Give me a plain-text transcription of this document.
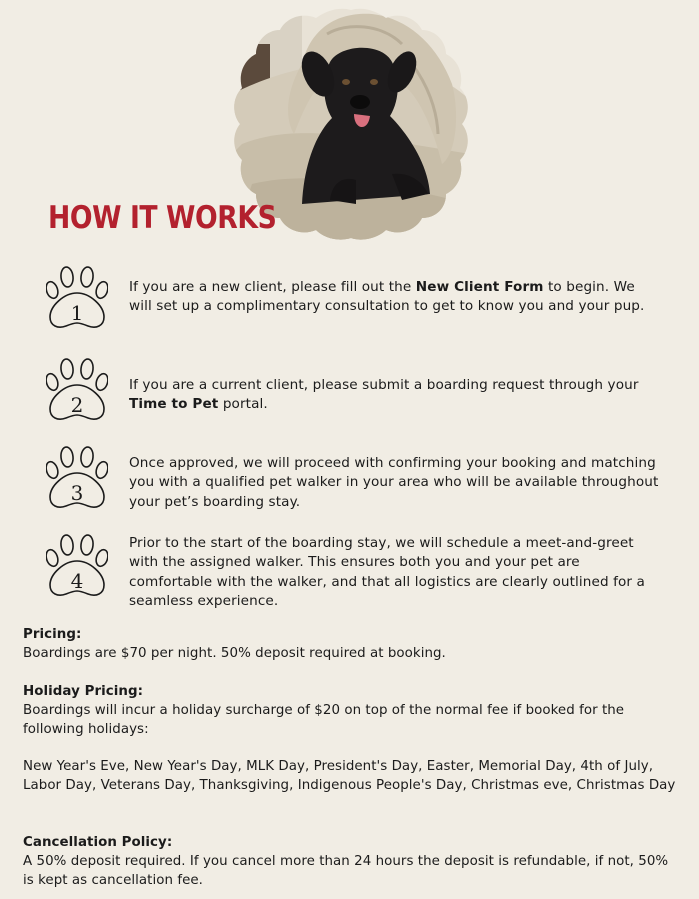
HOW IT WORKS
1
If you are a new client, please fill out the New Client Form to begin. We will set up a complimentary consultation to get to know you and your pup.
2
If you are a current client, please submit a boarding request through your Time to Pet portal.
3
Once approved, we will proceed with confirming your booking and matching you with a qualified pet walker in your area who will be available throughout your pet’s boarding stay.
4
Prior to the start of the boarding stay, we will schedule a meet-and-greet with the assigned walker. This ensures both you and your pet are comfortable with the walker, and that all logistics are clearly outlined for a seamless experience.
Pricing:
Boardings are $70 per night. 50% deposit required at booking.
Holiday Pricing:
Boardings will incur a holiday surcharge of $20 on top of the normal fee if booked for the following holidays:
New Year's Eve, New Year's Day, MLK Day, President's Day, Easter, Memorial Day, 4th of July, Labor Day, Veterans Day, Thanksgiving, Indigenous People's Day, Christmas eve, Christmas Day
Cancellation Policy:
A 50% deposit required. If you cancel more than 24 hours the deposit is refundable, if not, 50% is kept as cancellation fee.
